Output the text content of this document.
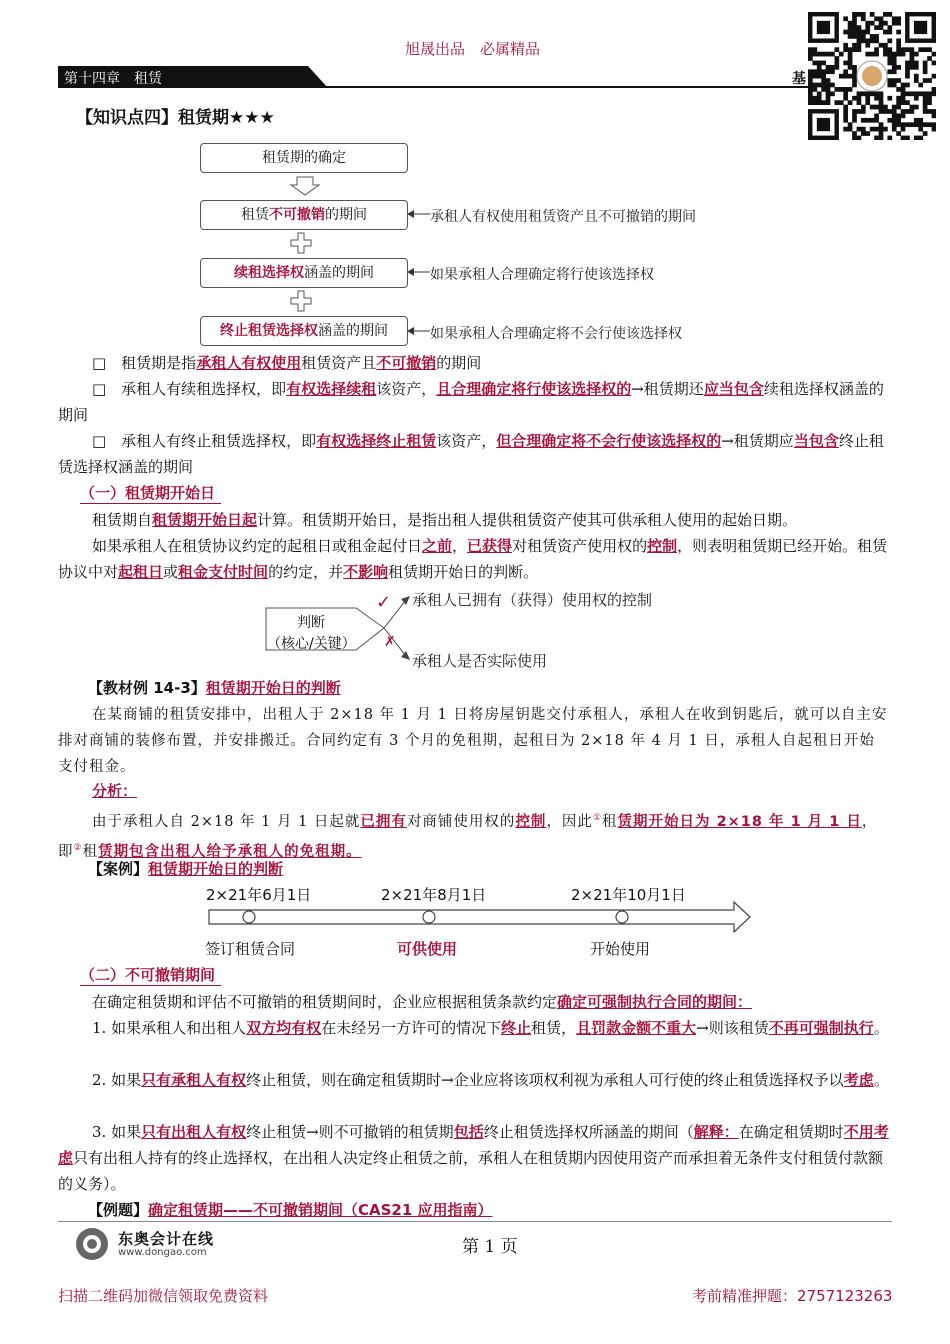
旭晟出品　必属精品
第十四章　租赁	基
【知识点四】租赁期★★★
租赁期的确定
租赁不可撤销的期间
续租选择权涵盖的期间
终止租赁选择权涵盖的期间
承租人有权使用租赁资产且不可撤销的期间
如果承租人合理确定将行使该选择权
如果承租人合理确定将不会行使该选择权

□　租赁期是指承租人有权使用租赁资产且不可撤销的期间

□　承租人有续租选择权，即有权选择续租该资产，且合理确定将行使该选择权的→租赁期还应当包含续租选择权涵盖的期间

□　承租人有终止租赁选择权，即有权选择终止租赁该资产，但合理确定将不会行使该选择权的→租赁期应当包含终止租赁选择权涵盖的期间

（一）租赁期开始日

租赁期自租赁期开始日起计算。租赁期开始日，是指出租人提供租赁资产使其可供承租人使用的起始日期。

如果承租人在租赁协议约定的起租日或租金起付日之前，已获得对租赁资产使用权的控制，则表明租赁期已经开始。租赁协议中对起租日或租金支付时间的约定，并不影响租赁期开始日的判断。

判断
（核心/关键）
✓
✗
承租人已拥有（获得）使用权的控制
承租人是否实际使用
【教材例 14-3】租赁期开始日的判断

在某商铺的租赁安排中，出租人于 2×18 年 1 月 1 日将房屋钥匙交付承租人，承租人在收到钥匙后，就可以自主安排对商铺的装修布置，并安排搬迁。合同约定有 3 个月的免租期，起租日为 2×18 年 4 月 1 日，承租人自起租日开始支付租金。

分析：

由于承租人自 2×18 年 1 月 1 日起就已拥有对商铺使用权的控制，因此①租赁期开始日为 2×18 年 1 月 1 日，即②租赁期包含出租人给予承租人的免租期。

【案例】租赁期开始日的判断
2×21年6月1日	2×21年8月1日	2×21年10月1日
签订租赁合同	可供使用	开始使用
（二）不可撤销期间

在确定租赁期和评估不可撤销的租赁期间时，企业应根据租赁条款约定确定可强制执行合同的期间：

1. 如果承租人和出租人双方均有权在未经另一方许可的情况下终止租赁，且罚款金额不重大→则该租赁不再可强制执行。

2. 如果只有承租人有权终止租赁，则在确定租赁期时→企业应将该项权利视为承租人可行使的终止租赁选择权予以考虑。

3. 如果只有出租人有权终止租赁→则不可撤销的租赁期包括终止租赁选择权所涵盖的期间（解释：在确定租赁期时不用考虑只有出租人持有的终止选择权，在出租人决定终止租赁之前，承租人在租赁期内因使用资产而承担着无条件支付租赁付款额的义务）。

【例题】确定租赁期——不可撤销期间（CAS21 应用指南）
东奥会计在线
www.dongao.com	第 1 页
扫描二维码加微信领取免费资料	考前精准押题：2757123263
